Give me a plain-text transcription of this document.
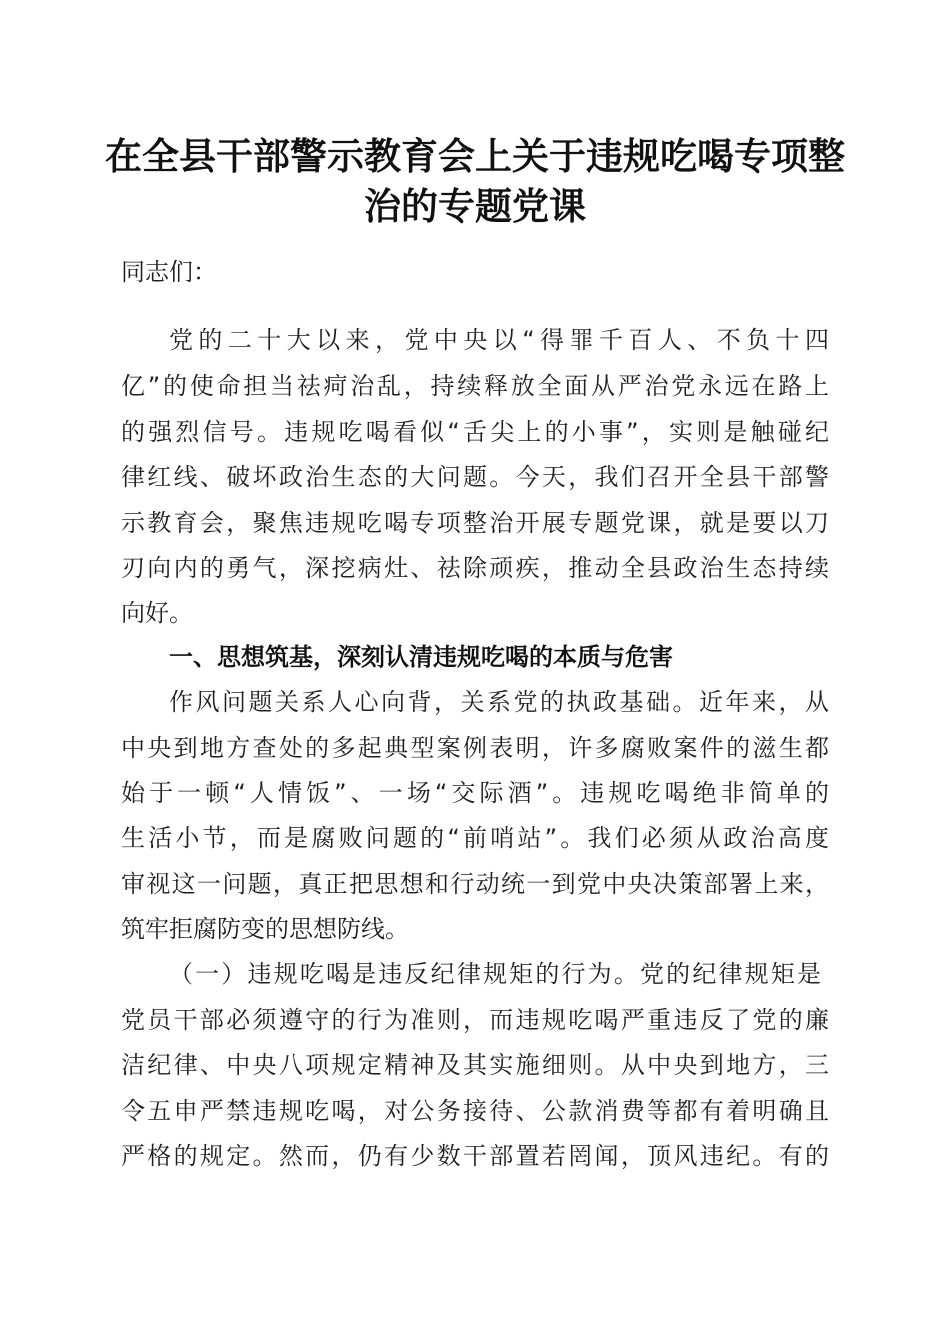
在全县干部警示教育会上关于违规吃喝专项整
治的专题党课
同志们：
党的二十大以来，党中央以“得罪千百人、不负十四
亿”的使命担当祛疴治乱，持续释放全面从严治党永远在路上
的强烈信号。违规吃喝看似“舌尖上的小事”，实则是触碰纪
律红线、破坏政治生态的大问题。今天，我们召开全县干部警
示教育会，聚焦违规吃喝专项整治开展专题党课，就是要以刀
刃向内的勇气，深挖病灶、祛除顽疾，推动全县政治生态持续
向好。
一、思想筑基，深刻认清违规吃喝的本质与危害
作风问题关系人心向背，关系党的执政基础。近年来，从
中央到地方查处的多起典型案例表明，许多腐败案件的滋生都
始于一顿“人情饭”、一场“交际酒”。违规吃喝绝非简单的
生活小节，而是腐败问题的“前哨站”。我们必须从政治高度
审视这一问题，真正把思想和行动统一到党中央决策部署上来，
筑牢拒腐防变的思想防线。
（一）违规吃喝是违反纪律规矩的行为。党的纪律规矩是
党员干部必须遵守的行为准则，而违规吃喝严重违反了党的廉
洁纪律、中央八项规定精神及其实施细则。从中央到地方，三
令五申严禁违规吃喝，对公务接待、公款消费等都有着明确且
严格的规定。然而，仍有少数干部置若罔闻，顶风违纪。有的
